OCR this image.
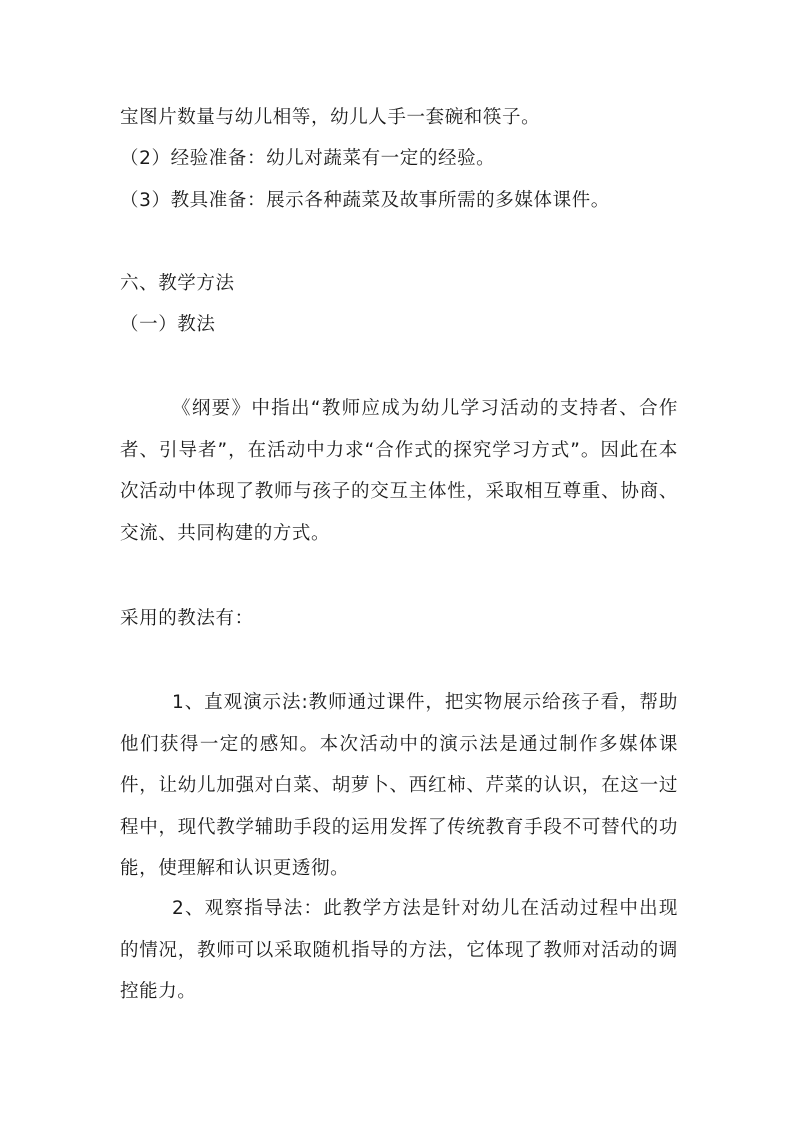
宝图片数量与幼儿相等，幼儿人手一套碗和筷子。
（2）经验准备：幼儿对蔬菜有一定的经验。
（3）教具准备：展示各种蔬菜及故事所需的多媒体课件。
六、教学方法
（一）教法
《纲要》中指出“教师应成为幼儿学习活动的支持者、合作者、引导者”，在活动中力求“合作式的探究学习方式”。因此在本次活动中体现了教师与孩子的交互主体性，采取相互尊重、协商、交流、共同构建的方式。
采用的教法有：
1、直观演示法:教师通过课件，把实物展示给孩子看，帮助他们获得一定的感知。本次活动中的演示法是通过制作多媒体课件，让幼儿加强对白菜、胡萝卜、西红柿、芹菜的认识，在这一过程中，现代教学辅助手段的运用发挥了传统教育手段不可替代的功能，使理解和认识更透彻。
2、观察指导法：此教学方法是针对幼儿在活动过程中出现的情况，教师可以采取随机指导的方法，它体现了教师对活动的调控能力。
